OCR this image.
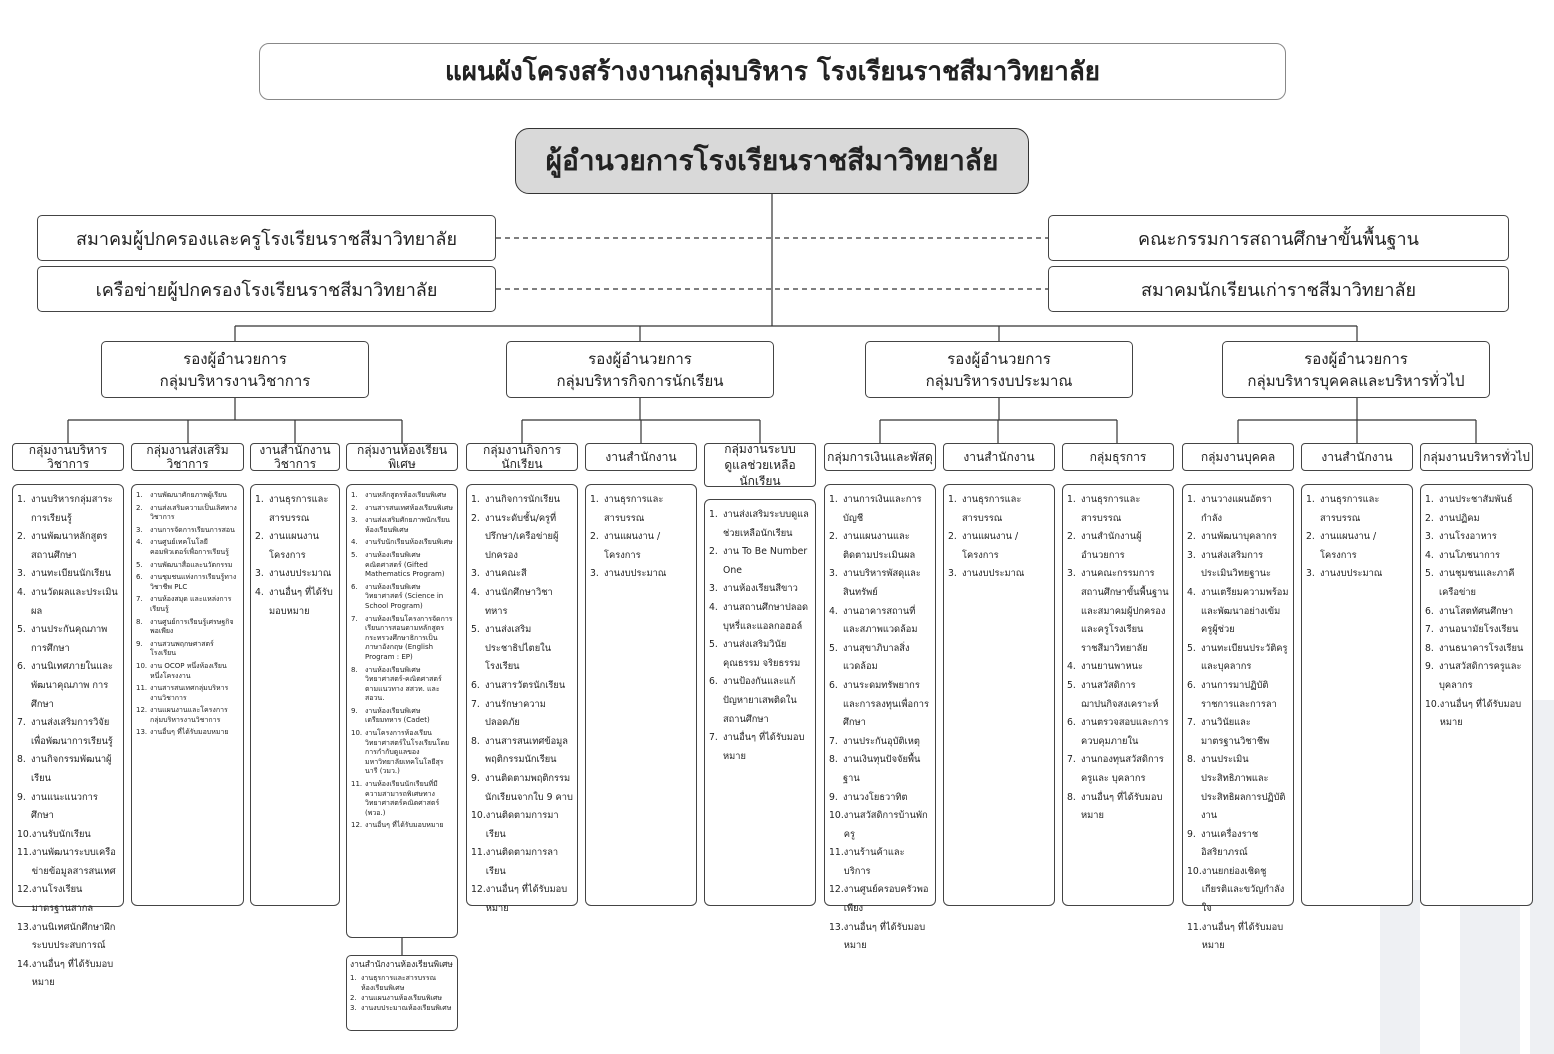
แผนผังโครงสร้างงานกลุ่มบริหาร โรงเรียนราชสีมาวิทยาลัย
ผู้อำนวยการโรงเรียนราชสีมาวิทยาลัย
สมาคมผู้ปกครองและครูโรงเรียนราชสีมาวิทยาลัย
เครือข่ายผู้ปกครองโรงเรียนราชสีมาวิทยาลัย
คณะกรรมการสถานศึกษาขั้นพื้นฐาน
สมาคมนักเรียนเก่าราชสีมาวิทยาลัย
รองผู้อำนวยการ
กลุ่มบริหารงานวิชาการ
รองผู้อำนวยการ
กลุ่มบริหารกิจการนักเรียน
รองผู้อำนวยการ
กลุ่มบริหารงบประมาณ
รองผู้อำนวยการ
กลุ่มบริหารบุคคลและบริหารทั่วไป
กลุ่มงานบริหารวิชาการ
กลุ่มงานส่งเสริมวิชาการ
งานสำนักงานวิชาการ
กลุ่มงานห้องเรียนพิเศษ
กลุ่มงานกิจการนักเรียน	งานสำนักงาน
กลุ่มงานระบบดูแลช่วยเหลือนักเรียน
กลุ่มการเงินและพัสดุ	งานสำนักงาน	กลุ่มธุรการ	กลุ่มงานบุคคล	งานสำนักงาน	กลุ่มงานบริหารทั่วไป
1. งานบริหารกลุ่มสาระการเรียนรู้
2. งานพัฒนาหลักสูตรสถานศึกษา
3. งานทะเบียนนักเรียน
4. งานวัดผลและประเมินผล
5. งานประกันคุณภาพการศึกษา
6. งานนิเทศภายในและพัฒนาคุณภาพ การศึกษา
7. งานส่งเสริมการวิจัยเพื่อพัฒนาการเรียนรู้
8. งานกิจกรรมพัฒนาผู้เรียน
9. งานแนะแนวการศึกษา
10. งานรับนักเรียน
11. งานพัฒนาระบบเครือข่ายข้อมูลสารสนเทศ
12. งานโรงเรียนมาตรฐานสากล
13. งานนิเทศนักศึกษาฝึกระบบประสบการณ์
14. งานอื่นๆ ที่ได้รับมอบหมาย
1.	งานพัฒนาศักยภาพผู้เรียน
2.	งานส่งเสริมความเป็นเลิศทางวิชาการ
3.	งานการจัดการเรียนการสอน
4.	งานศูนย์เทคโนโลยีคอมพิวเตอร์เพื่อการเรียนรู้
5.	งานพัฒนาสื่อและนวัตกรรม
6.	งานชุมชนแห่งการเรียนรู้ทางวิชาชีพ PLC
7.	งานห้องสมุด และแหล่งการเรียนรู้
8.	งานศูนย์การเรียนรู้เศรษฐกิจพอเพียง
9.	งานสวนพฤกษศาสตร์โรงเรียน
10. งาน OCOP หนึ่งห้องเรียนหนึ่งโครงงาน
11. งานสารสนเทศกลุ่มบริหารงานวิชาการ
12. งานแผนงานและโครงการกลุ่มบริหารงานวิชาการ
13. งานอื่นๆ ที่ได้รับมอบหมาย
1. งานธุรการและสารบรรณ
2. งานแผนงานโครงการ
3. งานงบประมาณ
4. งานอื่นๆ ที่ได้รับมอบหมาย
1.	งานหลักสูตรห้องเรียนพิเศษ
2.	งานสารสนเทศห้องเรียนพิเศษ
3.	งานส่งเสริมศักยภาพนักเรียนห้องเรียนพิเศษ
4.	งานรับนักเรียนห้องเรียนพิเศษ
5.	งานห้องเรียนพิเศษคณิตศาสตร์ (Gifted Mathematics Program)
6.	งานห้องเรียนพิเศษวิทยาศาสตร์ (Science in School Program)
7.	งานห้องเรียนโครงการจัดการเรียนการสอนตามหลักสูตรกระทรวงศึกษาธิการเป็นภาษาอังกฤษ (English Program : EP)
8.	งานห้องเรียนพิเศษวิทยาศาสตร์-คณิตศาสตร์ตามแนวทาง สสวท. และ สอวน.
9.	งานห้องเรียนพิเศษเตรียมทหาร (Cadet)
10. งานโครงการห้องเรียนวิทยาศาสตร์ในโรงเรียนโดยการกำกับดูแลของมหาวิทยาลัยเทคโนโลยีสุรนารี (วมว.)
11. งานห้องเรียนนักเรียนที่มีความสามารถพิเศษทางวิทยาศาสตร์คณิตศาสตร์ (พวอ.)
12. งานอื่นๆ ที่ได้รับมอบหมาย
1. งานกิจการนักเรียน
2. งานระดับชั้น/ครูที่ปรึกษา/เครือข่ายผู้ปกครอง
3. งานคณะสี
4. งานนักศึกษาวิชาทหาร
5. งานส่งเสริมประชาธิปไตยในโรงเรียน
6. งานสารวัตรนักเรียน
7. งานรักษาความปลอดภัย
8. งานสารสนเทศข้อมูลพฤติกรรมนักเรียน
9. งานติดตามพฤติกรรมนักเรียนจากใบ 9 คาบ
10. งานติดตามการมาเรียน
11. งานติดตามการลาเรียน
12. งานอื่นๆ ที่ได้รับมอบหมาย
1. งานธุรการและสารบรรณ
2. งานแผนงาน / โครงการ
3. งานงบประมาณ
1. งานส่งเสริมระบบดูแลช่วยเหลือนักเรียน
2. งาน To Be Number One
3. งานห้องเรียนสีขาว
4. งานสถานศึกษาปลอดบุหรี่และแอลกอฮอล์
5. งานส่งเสริมวินัย คุณธรรม จริยธรรม
6. งานป้องกันและแก้ปัญหายาเสพติดในสถานศึกษา
7. งานอื่นๆ ที่ได้รับมอบหมาย
1. งานการเงินและการบัญชี
2. งานแผนงานและติดตามประเมินผล
3. งานบริหารพัสดุและสินทรัพย์
4. งานอาคารสถานที่และสภาพแวดล้อม
5. งานสุขาภิบาลสิ่งแวดล้อม
6. งานระดมทรัพยากรและการลงทุนเพื่อการศึกษา
7. งานประกันอุบัติเหตุ
8. งานเงินทุนปัจจัยพื้นฐาน
9. งานวงโยธวาทิต
10. งานสวัสดิการบ้านพักครู
11. งานร้านค้าและบริการ
12. งานศูนย์ครอบครัวพอเพียง
13. งานอื่นๆ ที่ได้รับมอบหมาย
1. งานธุรการและสารบรรณ
2. งานแผนงาน / โครงการ
3. งานงบประมาณ
1. งานธุรการและสารบรรณ
2. งานสำนักงานผู้อำนวยการ
3. งานคณะกรรมการสถานศึกษาขั้นพื้นฐานและสมาคมผู้ปกครองและครูโรงเรียนราชสีมาวิทยาลัย
4. งานยานพาหนะ
5. งานสวัสดิการฌาปนกิจสงเคราะห์
6. งานตรวจสอบและการควบคุมภายใน
7. งานกองทุนสวัสดิการครูและ บุคลากร
8. งานอื่นๆ ที่ได้รับมอบหมาย
1. งานวางแผนอัตรากำลัง
2. งานพัฒนาบุคลากร
3. งานส่งเสริมการประเมินวิทยฐานะ
4. งานเตรียมความพร้อมและพัฒนาอย่างเข้มครูผู้ช่วย
5. งานทะเบียนประวัติครูและบุคลากร
6. งานการมาปฏิบัติราชการและการลา
7. งานวินัยและมาตรฐานวิชาชีพ
8. งานประเมินประสิทธิภาพและประสิทธิผลการปฏิบัติงาน
9. งานเครื่องราชอิสริยาภรณ์
10. งานยกย่องเชิดชูเกียรติและขวัญกำลังใจ
11. งานอื่นๆ ที่ได้รับมอบหมาย
1. งานธุรการและสารบรรณ
2. งานแผนงาน / โครงการ
3. งานงบประมาณ
1. งานประชาสัมพันธ์
2. งานปฏิคม
3. งานโรงอาหาร
4. งานโภชนาการ
5. งานชุมชนและภาคีเครือข่าย
6. งานโสตทัศนศึกษา
7. งานอนามัยโรงเรียน
8. งานธนาคารโรงเรียน
9. งานสวัสดิการครูและบุคลากร
10. งานอื่นๆ ที่ได้รับมอบหมาย
งานสำนักงานห้องเรียนพิเศษ
1. งานธุรการและสารบรรณห้องเรียนพิเศษ
2. งานแผนงานห้องเรียนพิเศษ
3. งานงบประมาณห้องเรียนพิเศษ
